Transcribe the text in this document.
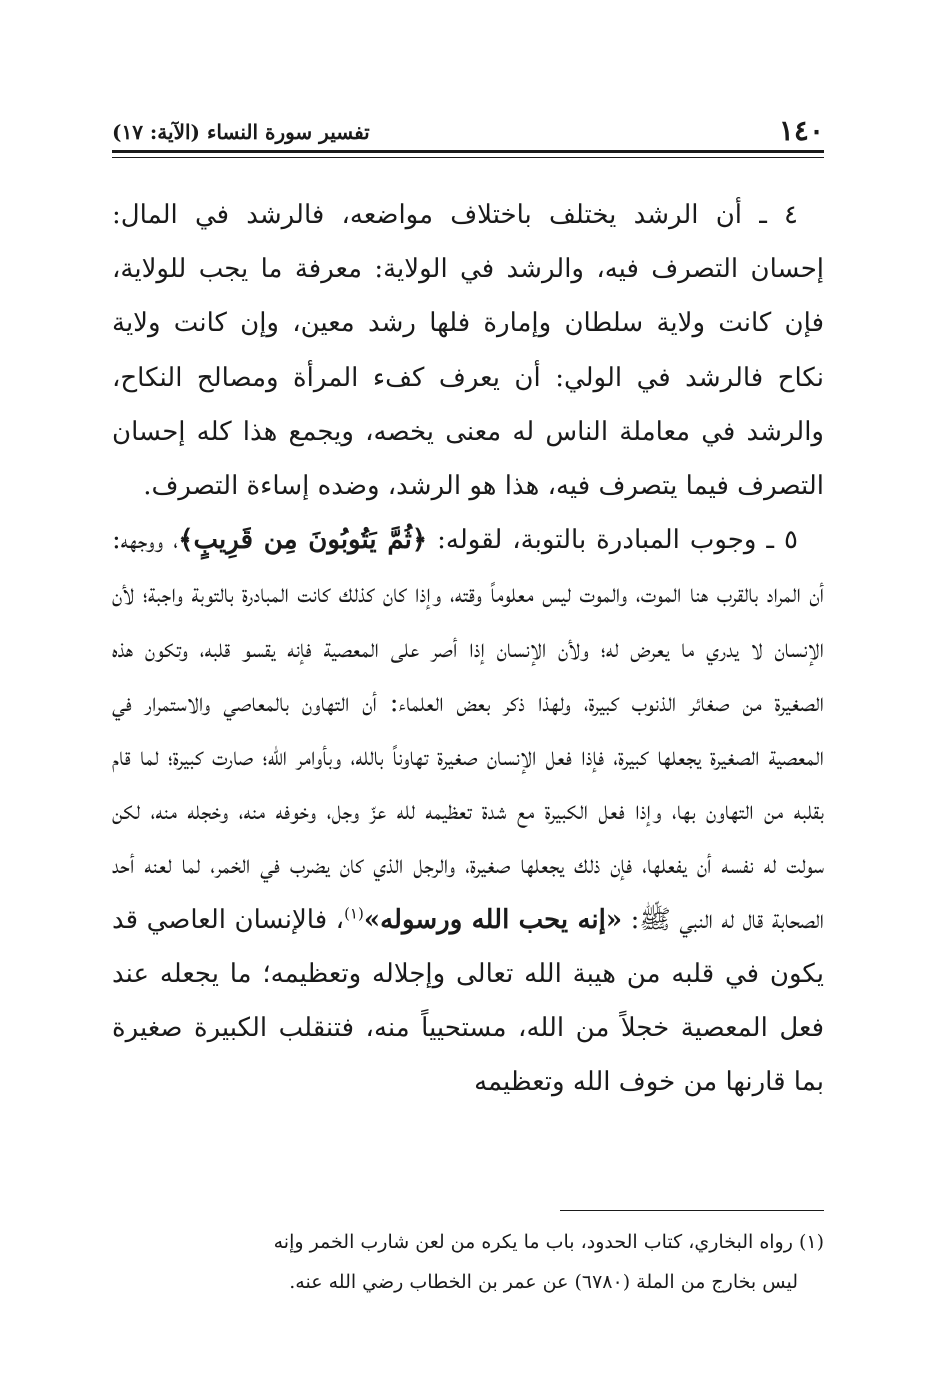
١٤٠
تفسير سورة النساء (الآية: ١٧)

٤ ـ أن الرشد يختلف باختلاف مواضعه، فالرشد في المال: إحسان التصرف فيه، والرشد في الولاية: معرفة ما يجب للولاية، فإن كانت ولاية سلطان وإمارة فلها رشد معين، وإن كانت ولاية نكاح فالرشد في الولي: أن يعرف كفء المرأة ومصالح النكاح، والرشد في معاملة الناس له معنى يخصه، ويجمع هذا كله إحسان التصرف فيما يتصرف فيه، هذا هو الرشد، وضده إساءة التصرف.

٥ ـ وجوب المبادرة بالتوبة، لقوله: ﴿ثُمَّ يَتُوبُونَ مِن قَرِيبٍ﴾، ووجهه: أن المراد بالقرب هنا الموت، والموت ليس معلوماً وقته، وإذا كان كذلك كانت المبادرة بالتوبة واجبة؛ لأن الإنسان لا يدري ما يعرض له؛ ولأن الإنسان إذا أصر على المعصية فإنه يقسو قلبه، وتكون هذه الصغيرة من صغائر الذنوب كبيرة، ولهذا ذكر بعض العلماء: أن التهاون بالمعاصي والاستمرار في المعصية الصغيرة يجعلها كبيرة، فإذا فعل الإنسان صغيرة تهاوناً بالله، وبأوامر الله؛ صارت كبيرة؛ لما قام بقلبه من التهاون بها، وإذا فعل الكبيرة مع شدة تعظيمه لله عزّ وجل، وخوفه منه، وخجله منه، لكن سولت له نفسه أن يفعلها، فإن ذلك يجعلها صغيرة، والرجل الذي كان يضرب في الخمر، لما لعنه أحد الصحابة قال له النبي ﷺ: «إنه يحب الله ورسوله»$^{(١)}$، فالإنسان العاصي قد يكون في قلبه من هيبة الله تعالى وإجلاله وتعظيمه؛ ما يجعله عند فعل المعصية خجلاً من الله، مستحيياً منه، فتنقلب الكبيرة صغيرة بما قارنها من خوف الله وتعظيمه

(١) رواه البخاري، كتاب الحدود، باب ما يكره من لعن شارب الخمر وإنه

ليس بخارج من الملة (٦٧٨٠) عن عمر بن الخطاب رضي الله عنه.
